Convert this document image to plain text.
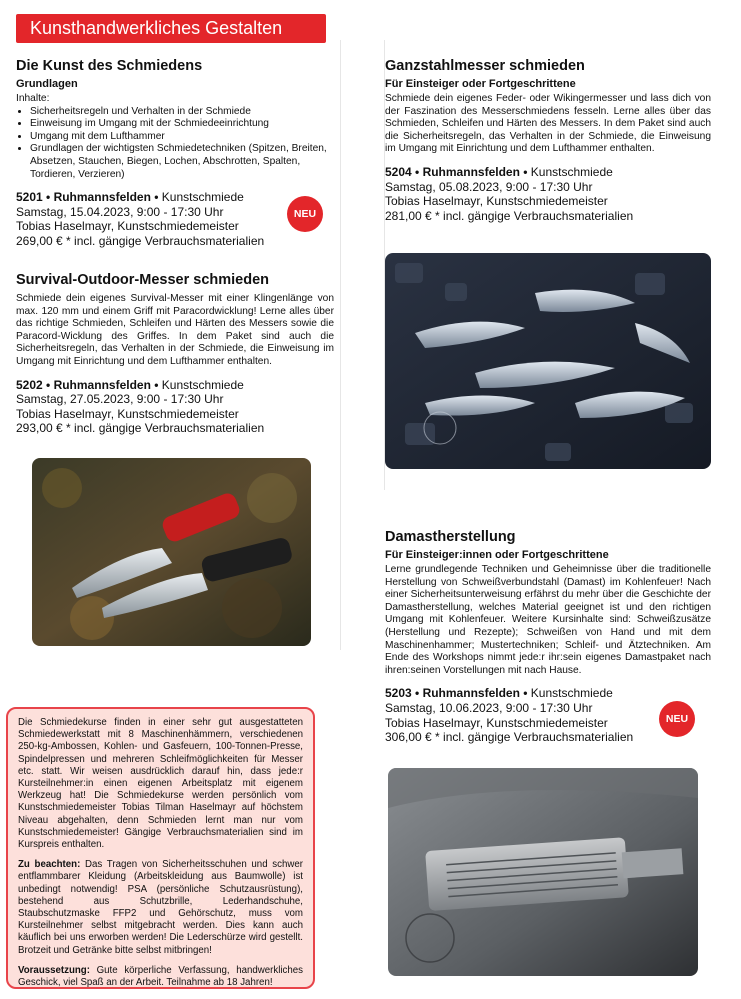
Kunsthandwerkliches Gestalten
Die Kunst des Schmiedens
Grundlagen
Inhalte:
• Sicherheitsregeln und Verhalten in der Schmiede
• Einweisung im Umgang mit der Schmiedeeinrichtung
• Umgang mit dem Lufthammer
• Grundlagen der wichtigsten Schmiedetechniken (Spitzen, Breiten, Absetzen, Stauchen, Biegen, Lochen, Abschrotten, Spalten, Tordieren, Verzieren)
5201 • Ruhmannsfelden • Kunstschmiede
Samstag, 15.04.2023, 9:00 - 17:30 Uhr
Tobias Haselmayr, Kunstschmiedemeister
269,00 € * incl. gängige Verbrauchsmaterialien
NEU
Survival-Outdoor-Messer schmieden

Schmiede dein eigenes Survival-Messer mit einer Klingenlänge von max. 120 mm und einem Griff mit Paracordwicklung! Lerne alles über das richtige Schmieden, Schleifen und Härten des Messers sowie die Paracord-Wicklung des Griffes. In dem Paket sind auch die Sicherheitsregeln, das Verhalten in der Schmiede, die Einweisung im Umgang mit Einrichtung und dem Lufthammer enthalten.

5202 • Ruhmannsfelden • Kunstschmiede
Samstag, 27.05.2023, 9:00 - 17:30 Uhr
Tobias Haselmayr, Kunstschmiedemeister
293,00 € * incl. gängige Verbrauchsmaterialien
Ganzstahlmesser schmieden
Für Einsteiger oder Fortgeschrittene

Schmiede dein eigenes Feder- oder Wikingermesser und lass dich von der Faszination des Messerschmiedens fesseln. Lerne alles über das Schmieden, Schleifen und Härten des Messers. In dem Paket sind auch die Sicherheitsregeln, das Verhalten in der Schmiede, die Einweisung im Umgang mit Einrichtung und dem Lufthammer enthalten.

5204 • Ruhmannsfelden • Kunstschmiede
Samstag, 05.08.2023, 9:00 - 17:30 Uhr
Tobias Haselmayr, Kunstschmiedemeister
281,00 € * incl. gängige Verbrauchsmaterialien
Damastherstellung
Für Einsteiger:innen oder Fortgeschrittene

Lerne grundlegende Techniken und Geheimnisse über die traditionelle Herstellung von Schweißverbundstahl (Damast) im Kohlenfeuer! Nach einer Sicherheitsunterweisung erfährst du mehr über die Geschichte der Damastherstellung, welches Material geeignet ist und den richtigen Umgang mit Kohlenfeuer. Weitere Kursinhalte sind: Schweißzusätze (Herstellung und Rezepte); Schweißen von Hand und mit dem Maschinenhammer; Mustertechniken; Schleif- und Ätztechniken. Am Ende des Workshops nimmt jede:r ihr:sein eigenes Damastpaket nach ihren:seinen Vorstellungen mit nach Hause.

5203 • Ruhmannsfelden • Kunstschmiede
Samstag, 10.06.2023, 9:00 - 17:30 Uhr
Tobias Haselmayr, Kunstschmiedemeister
306,00 € * incl. gängige Verbrauchsmaterialien
NEU

Die Schmiedekurse finden in einer sehr gut ausgestatteten Schmiedewerkstatt mit 8 Maschinenhämmern, verschiedenen 250-kg-Ambossen, Kohlen- und Gasfeuern, 100-Tonnen-Presse, Spindelpressen und mehreren Schleifmöglichkeiten für Messer etc. statt. Wir weisen ausdrücklich darauf hin, dass jede:r Kursteilnehmer:in einen eigenen Arbeitsplatz mit eigenem Werkzeug hat! Die Schmiedekurse werden persönlich vom Kunstschmiedemeister Tobias Tilman Haselmayr auf höchstem Niveau abgehalten, denn Schmieden lernt man nur vom Kunstschmiedemeister! Gängige Verbrauchsmaterialien sind im Kurspreis enthalten.

Zu beachten: Das Tragen von Sicherheitsschuhen und schwer entflammbarer Kleidung (Arbeitskleidung aus Baumwolle) ist unbedingt notwendig! PSA (persönliche Schutzausrüstung), bestehend aus Schutzbrille, Lederhandschuhe, Staubschutzmaske FFP2 und Gehörschutz, muss vom Kursteilnehmer selbst mitgebracht werden. Dies kann auch käuflich bei uns erworben werden! Die Lederschürze wird gestellt. Brotzeit und Getränke bitte selbst mitbringen!

Voraussetzung: Gute körperliche Verfassung, handwerkliches Geschick, viel Spaß an der Arbeit. Teilnahme ab 18 Jahren!
